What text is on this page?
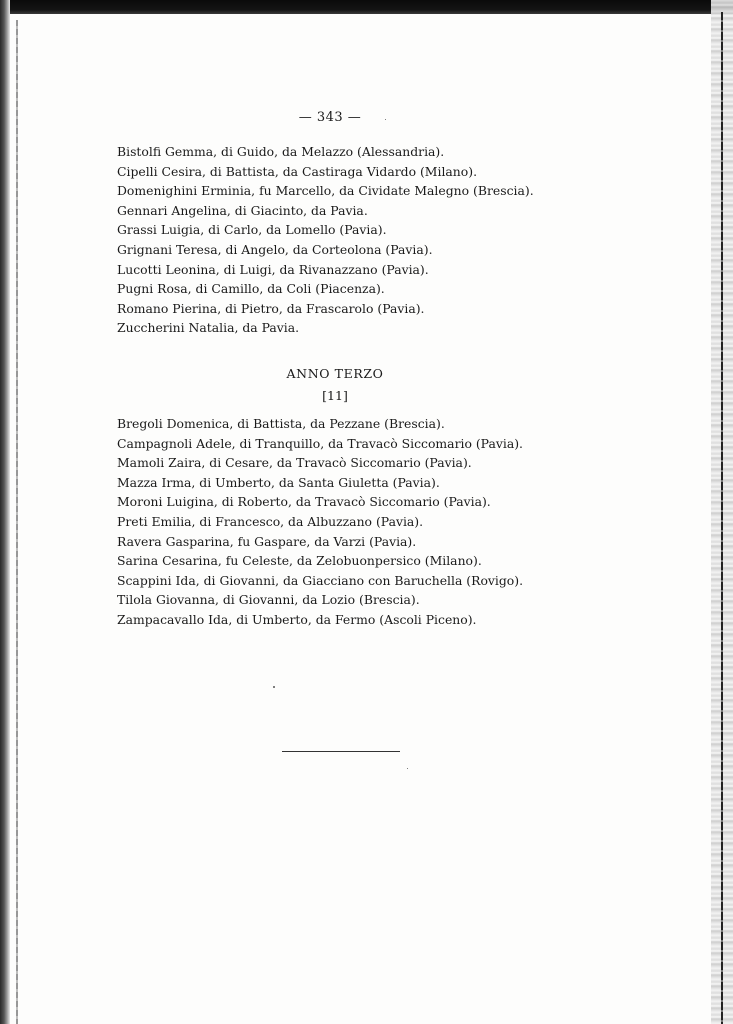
— 343 —
Bistolfi Gemma, di Guido, da Melazzo (Alessandria).
Cipelli Cesira, di Battista, da Castiraga Vidardo (Milano).
Domenighini Erminia, fu Marcello, da Cividate Malegno (Brescia).
Gennari Angelina, di Giacinto, da Pavia.
Grassi Luigia, di Carlo, da Lomello (Pavia).
Grignani Teresa, di Angelo, da Corteolona (Pavia).
Lucotti Leonina, di Luigi, da Rivanazzano (Pavia).
Pugni Rosa, di Camillo, da Coli (Piacenza).
Romano Pierina, di Pietro, da Frascarolo (Pavia).
Zuccherini Natalia, da Pavia.
ANNO TERZO
[11]
Bregoli Domenica, di Battista, da Pezzane (Brescia).
Campagnoli Adele, di Tranquillo, da Travacò Siccomario (Pavia).
Mamoli Zaira, di Cesare, da Travacò Siccomario (Pavia).
Mazza Irma, di Umberto, da Santa Giuletta (Pavia).
Moroni Luigina, di Roberto, da Travacò Siccomario (Pavia).
Preti Emilia, di Francesco, da Albuzzano (Pavia).
Ravera Gasparina, fu Gaspare, da Varzi (Pavia).
Sarina Cesarina, fu Celeste, da Zelobuonpersico (Milano).
Scappini Ida, di Giovanni, da Giacciano con Baruchella (Rovigo).
Tilola Giovanna, di Giovanni, da Lozio (Brescia).
Zampacavallo Ida, di Umberto, da Fermo (Ascoli Piceno).
